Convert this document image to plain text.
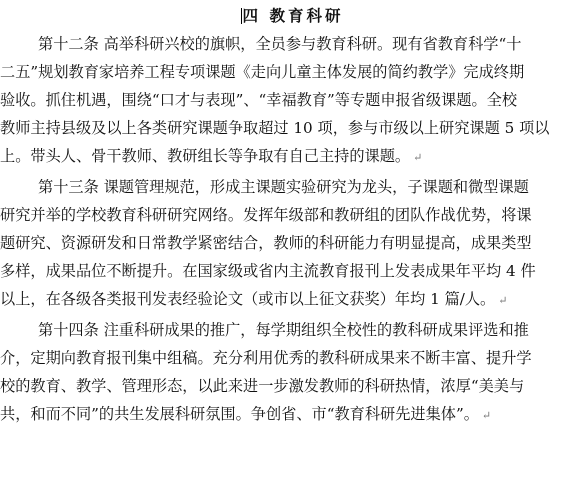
四 教育科研
第十二条 高举科研兴校的旗帜，全员参与教育科研。现有省教育科学“十
二五”规划教育家培养工程专项课题《走向儿童主体发展的简约教学》完成终期
验收。抓住机遇，围绕“口才与表现”、“幸福教育”等专题申报省级课题。全校
教师主持县级及以上各类研究课题争取超过 10 项，参与市级以上研究课题 5 项以
上。带头人、骨干教师、教研组长等争取有自己主持的课题。 ↵
第十三条 课题管理规范，形成主课题实验研究为龙头，子课题和微型课题
研究并举的学校教育科研研究网络。发挥年级部和教研组的团队作战优势，将课
题研究、资源研发和日常教学紧密结合，教师的科研能力有明显提高，成果类型
多样，成果品位不断提升。在国家级或省内主流教育报刊上发表成果年平均 4 件
以上，在各级各类报刊发表经验论文（或市以上征文获奖）年均 1 篇/人。 ↵
第十四条 注重科研成果的推广，每学期组织全校性的教科研成果评选和推
介，定期向教育报刊集中组稿。充分利用优秀的教科研成果来不断丰富、提升学
校的教育、教学、管理形态，以此来进一步激发教师的科研热情，浓厚“美美与
共，和而不同”的共生发展科研氛围。争创省、市“教育科研先进集体”。 ↵
